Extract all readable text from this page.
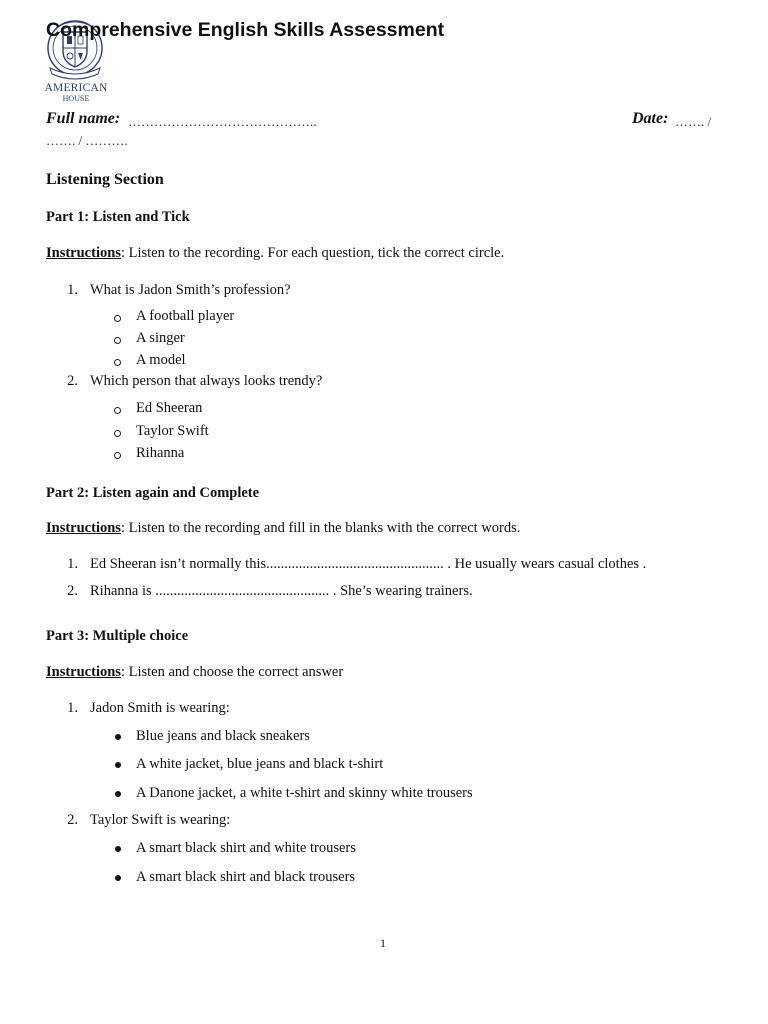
AMERICAN
HOUSE
Comprehensive English Skills Assessment
Full name: ……………………………………..	Date: ……. /
……. / ……….
Listening Section
Part 1: Listen and Tick
Instructions: Listen to the recording. For each question, tick the correct circle.
1. What is Jadon Smith’s profession?
A football player
A singer
A model
2. Which person that always looks trendy?
Ed Sheeran
Taylor Swift
Rihanna
Part 2: Listen again and Complete
Instructions: Listen to the recording and fill in the blanks with the correct words.
1. Ed Sheeran isn’t normally this................................................. . He usually wears casual clothes .
2. Rihanna is ................................................ . She’s wearing trainers.
Part 3: Multiple choice
Instructions: Listen and choose the correct answer
1. Jadon Smith is wearing:
Blue jeans and black sneakers
A white jacket, blue jeans and black t-shirt
A Danone jacket, a white t-shirt and skinny white trousers
2. Taylor Swift is wearing:
A smart black shirt and white trousers
A smart black shirt and black trousers
1
